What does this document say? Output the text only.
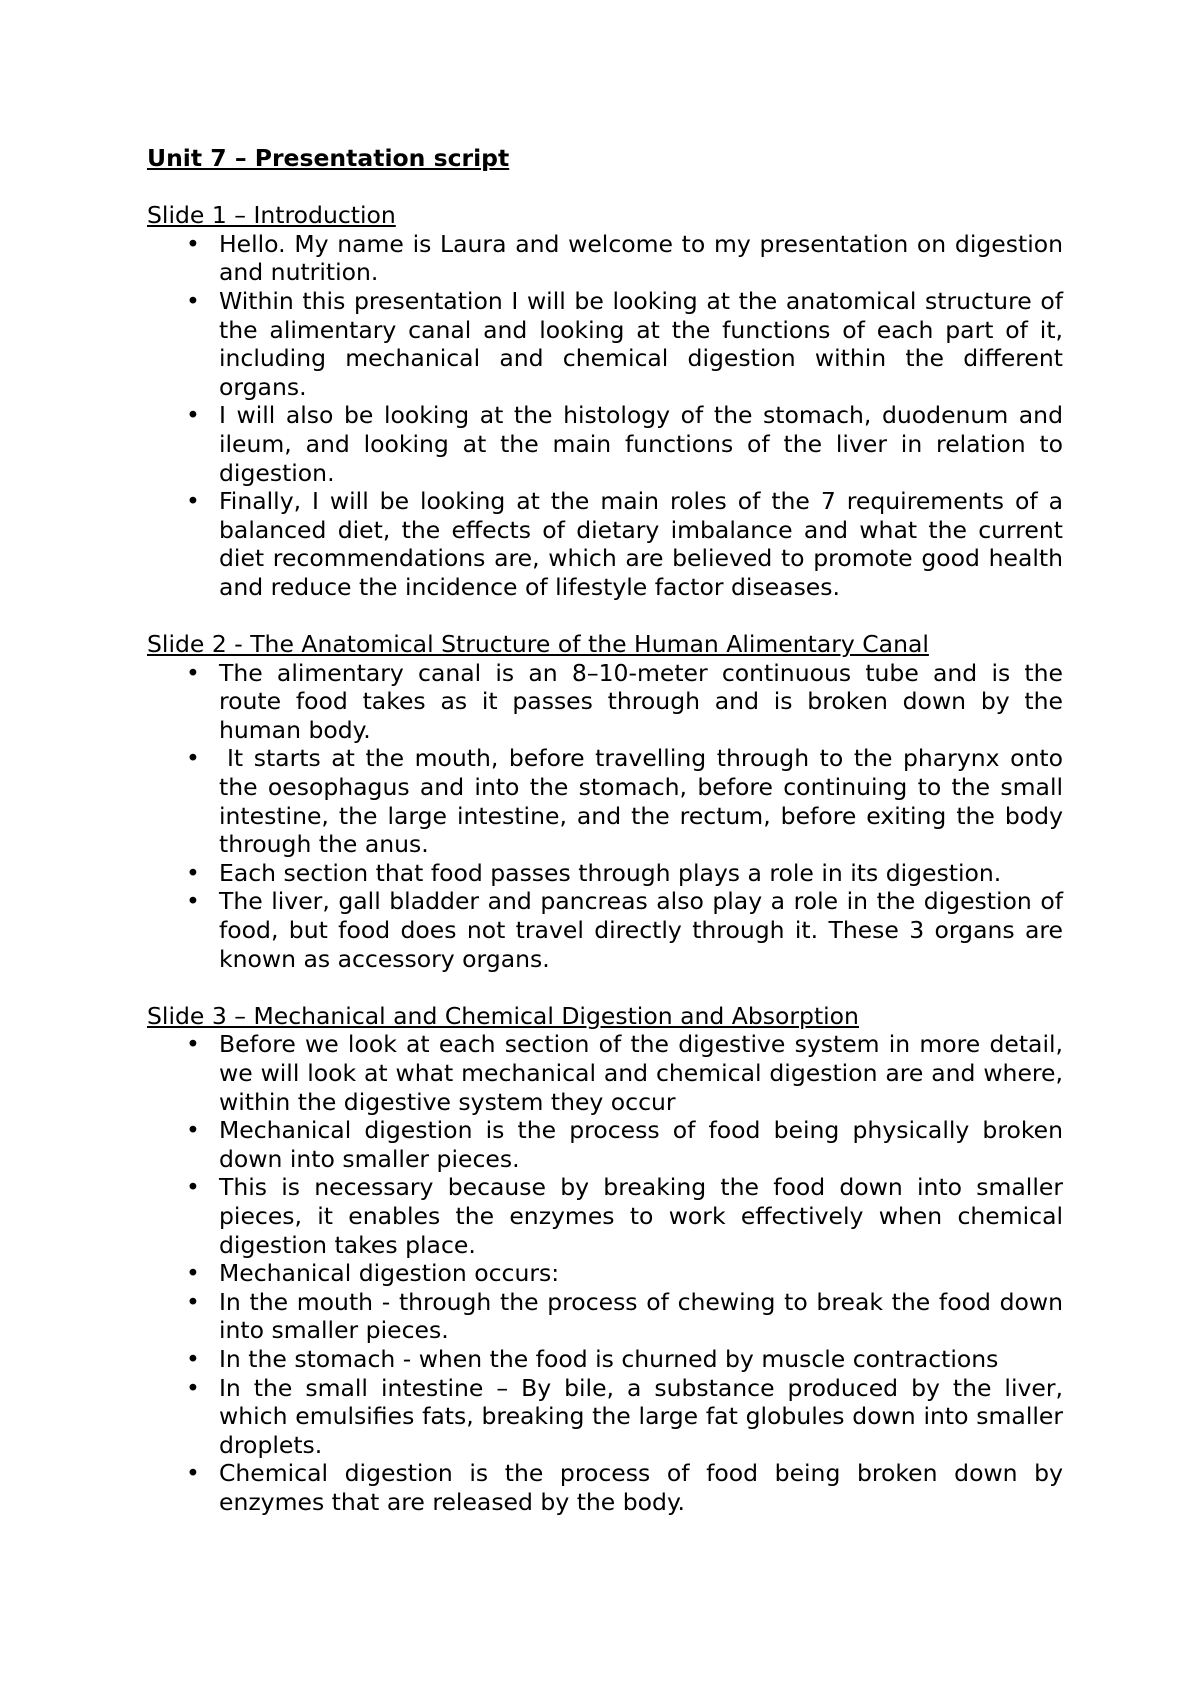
Unit 7 – Presentation script

Slide 1 – Introduction

• Hello. My name is Laura and welcome to my presentation on digestion and nutrition.
• Within this presentation I will be looking at the anatomical structure of the alimentary canal and looking at the functions of each part of it, including mechanical and chemical digestion within the different organs.
• I will also be looking at the histology of the stomach, duodenum and ileum, and looking at the main functions of the liver in relation to digestion.
• Finally, I will be looking at the main roles of the 7 requirements of a balanced diet, the effects of dietary imbalance and what the current diet recommendations are, which are believed to promote good health and reduce the incidence of lifestyle factor diseases.

Slide 2 - The Anatomical Structure of the Human Alimentary Canal

• The alimentary canal is an 8–10-meter continuous tube and is the route food takes as it passes through and is broken down by the human body.
• It starts at the mouth, before travelling through to the pharynx onto the oesophagus and into the stomach, before continuing to the small intestine, the large intestine, and the rectum, before exiting the body through the anus.
• Each section that food passes through plays a role in its digestion.
• The liver, gall bladder and pancreas also play a role in the digestion of food, but food does not travel directly through it. These 3 organs are known as accessory organs.

Slide 3 – Mechanical and Chemical Digestion and Absorption

• Before we look at each section of the digestive system in more detail, we will look at what mechanical and chemical digestion are and where, within the digestive system they occur
• Mechanical digestion is the process of food being physically broken down into smaller pieces.
• This is necessary because by breaking the food down into smaller pieces, it enables the enzymes to work effectively when chemical digestion takes place.
• Mechanical digestion occurs:
• In the mouth - through the process of chewing to break the food down into smaller pieces.
• In the stomach - when the food is churned by muscle contractions
• In the small intestine – By bile, a substance produced by the liver, which emulsifies fats, breaking the large fat globules down into smaller droplets.
• Chemical digestion is the process of food being broken down by enzymes that are released by the body.
